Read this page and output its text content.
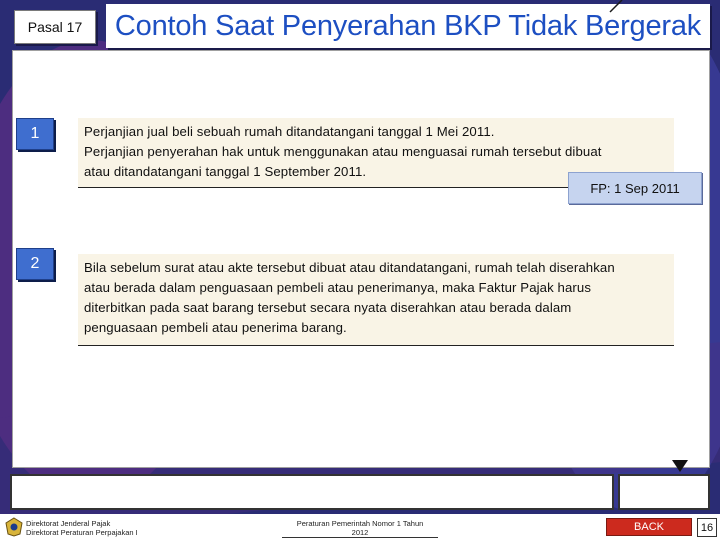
Pasal 17	Contoh Saat Penyerahan BKP Tidak Bergerak
1	Perjanjian jual beli sebuah rumah ditandatangani tanggal 1 Mei 2011.

Perjanjian penyerahan hak untuk menggunakan atau menguasai rumah tersebut dibuat

atau ditandatangani tanggal 1 September 2011.

FP: 1 Sep 2011
2	Bila sebelum surat atau akte tersebut dibuat atau ditandatangani, rumah telah diserahkan

atau berada dalam penguasaan pembeli atau penerimanya, maka Faktur Pajak harus

diterbitkan pada saat barang tersebut secara nyata diserahkan atau berada dalam

penguasaan pembeli atau penerima barang.

Direktorat Jenderal Pajak
Direktorat Peraturan Perpajakan I
Peraturan Pemerintah Nomor 1 Tahun
2012	BACK	16
